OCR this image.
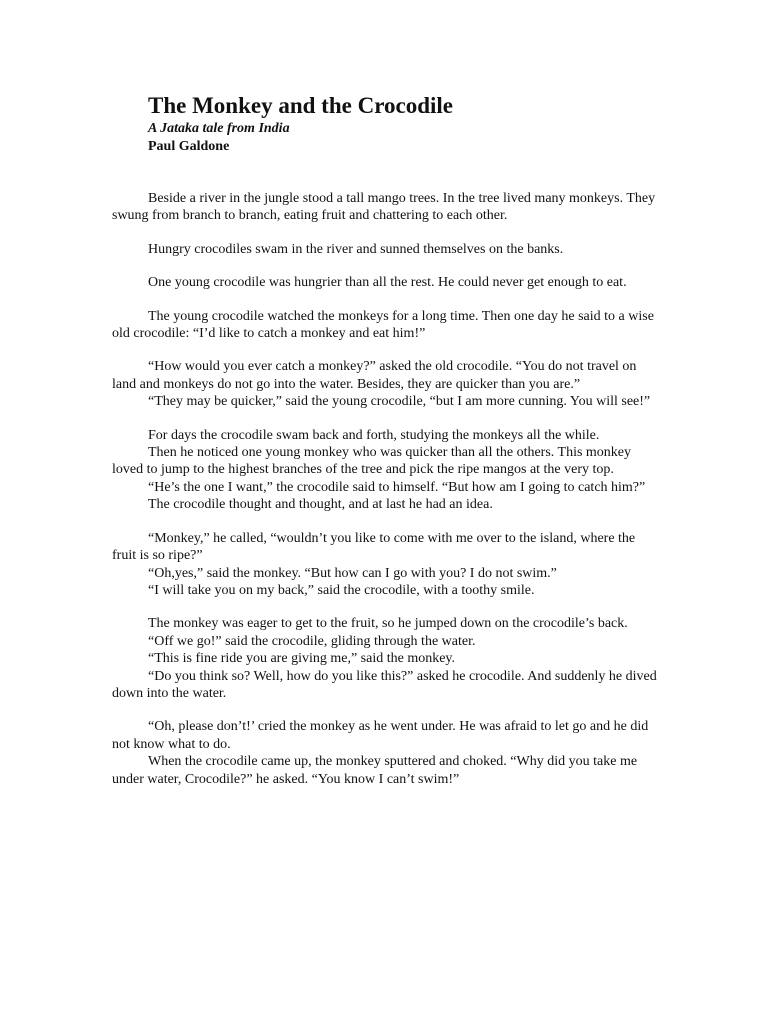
The Monkey and the Crocodile

A Jataka tale from India

Paul Galdone

Beside a river in the jungle stood a tall mango trees. In the tree lived many monkeys. They swung from branch to branch, eating fruit and chattering to each other.

Hungry crocodiles swam in the river and sunned themselves on the banks.

One young crocodile was hungrier than all the rest. He could never get enough to eat.

The young crocodile watched the monkeys for a long time. Then one day he said to a wise old crocodile: “I’d like to catch a monkey and eat him!”

“How would you ever catch a monkey?” asked the old crocodile. “You do not travel on land and monkeys do not go into the water. Besides, they are quicker than you are.”

“They may be quicker,” said the young crocodile, “but I am more cunning. You will see!”

For days the crocodile swam back and forth, studying the monkeys all the while.

Then he noticed one young monkey who was quicker than all the others. This monkey loved to jump to the highest branches of the tree and pick the ripe mangos at the very top.

“He’s the one I want,” the crocodile said to himself. “But how am I going to catch him?”

The crocodile thought and thought, and at last he had an idea.

“Monkey,” he called, “wouldn’t you like to come with me over to the island, where the fruit is so ripe?”

“Oh,yes,” said the monkey. “But how can I go with you? I do not swim.”

“I will take you on my back,” said the crocodile, with a toothy smile.

The monkey was eager to get to the fruit, so he jumped down on the crocodile’s back.

“Off we go!” said the crocodile, gliding through the water.

“This is fine ride you are giving me,” said the monkey.

“Do you think so? Well, how do you like this?” asked he crocodile. And suddenly he dived down into the water.

“Oh, please don’t!’ cried the monkey as he went under. He was afraid to let go and he did not know what to do.

When the crocodile came up, the monkey sputtered and choked. “Why did you take me under water, Crocodile?” he asked. “You know I can’t swim!”
